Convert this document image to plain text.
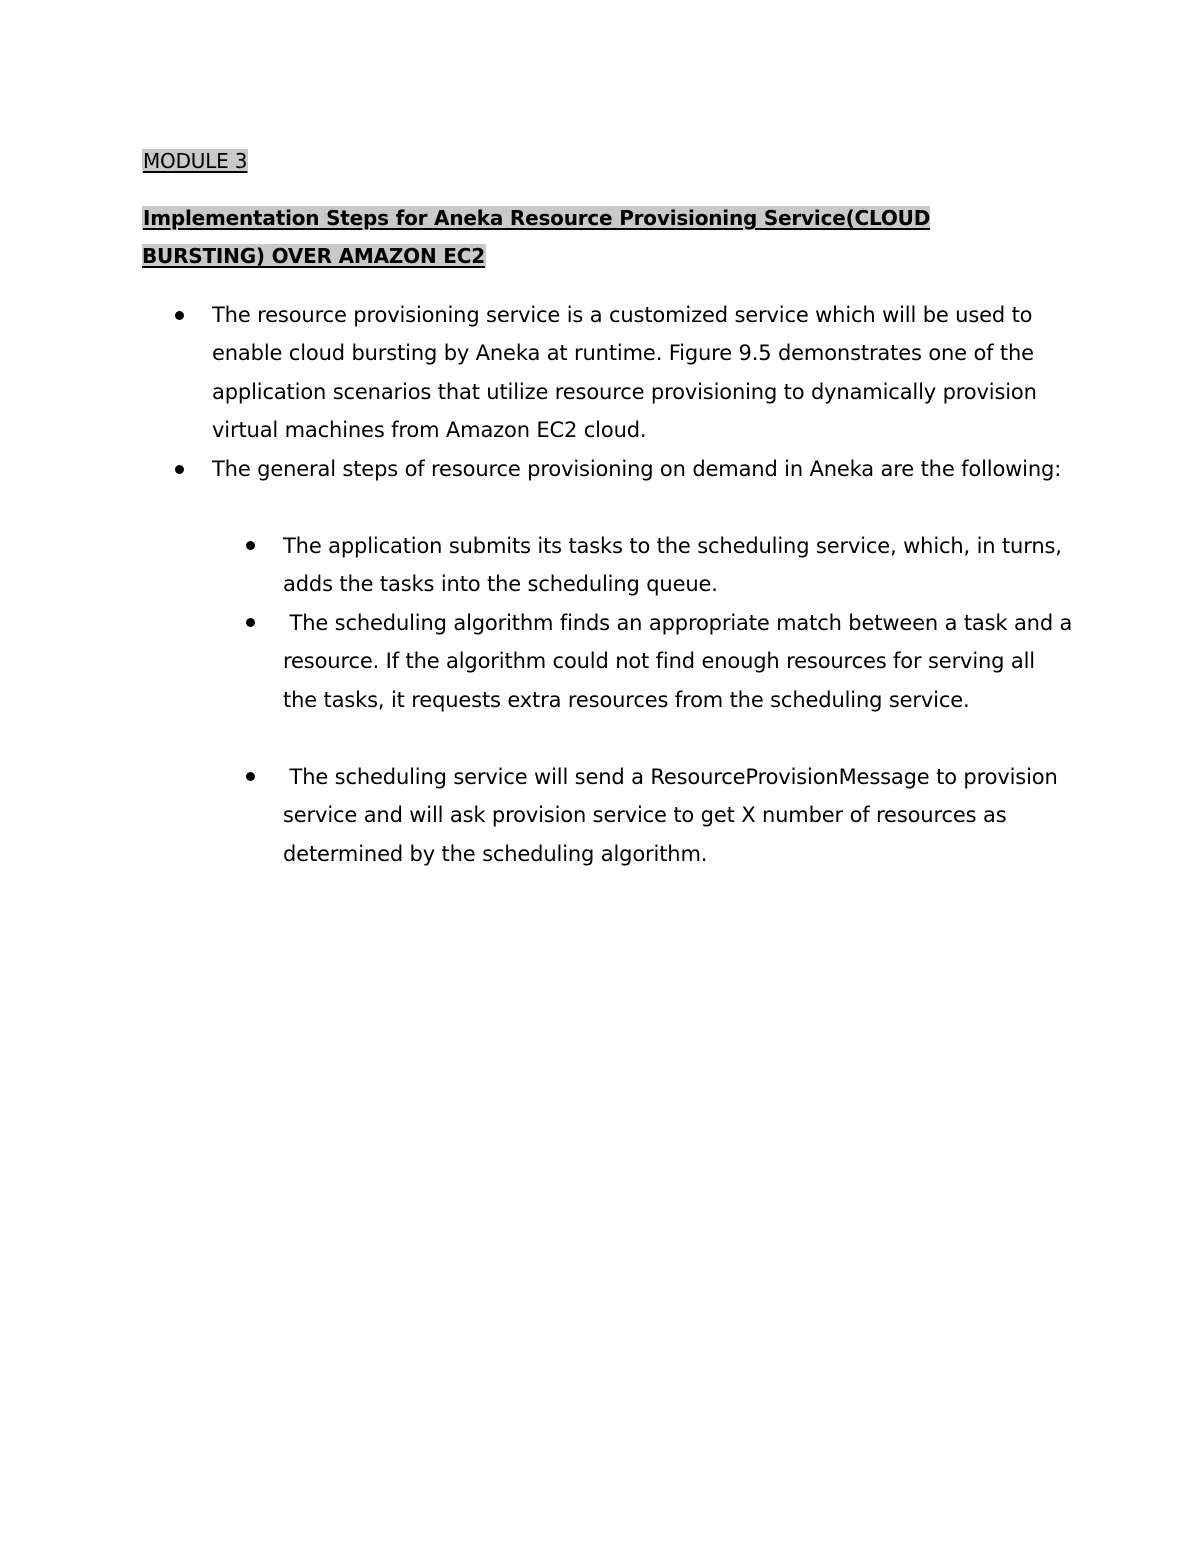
MODULE 3
Implementation Steps for Aneka Resource Provisioning Service(CLOUD BURSTING) OVER AMAZON EC2
The resource provisioning service is a customized service which will be used to enable cloud bursting by Aneka at runtime. Figure 9.5 demonstrates one of the application scenarios that utilize resource provisioning to dynamically provision virtual machines from Amazon EC2 cloud.
The general steps of resource provisioning on demand in Aneka are the following:
The application submits its tasks to the scheduling service, which, in turns, adds the tasks into the scheduling queue.
The scheduling algorithm finds an appropriate match between a task and a resource. If the algorithm could not find enough resources for serving all the tasks, it requests extra resources from the scheduling service.
The scheduling service will send a ResourceProvisionMessage to provision service and will ask provision service to get X number of resources as determined by the scheduling algorithm.
